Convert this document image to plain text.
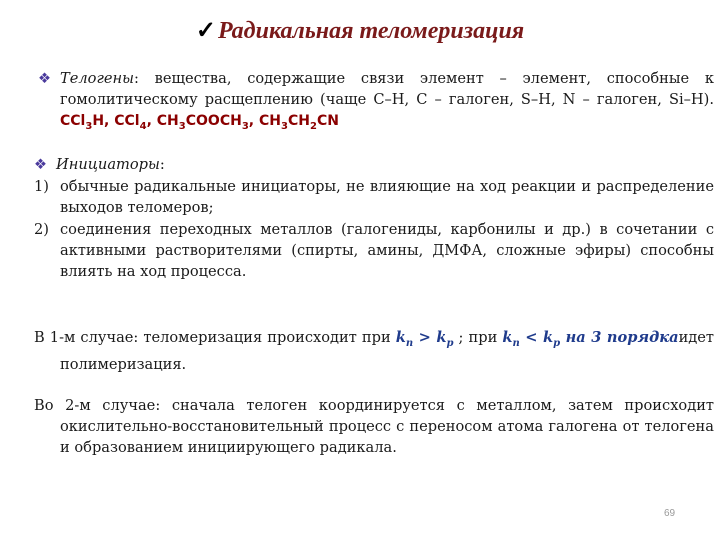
✓Радикальная теломеризация
❖ Телогены: вещества, содержащие связи элемент – элемент, способные к гомолитическому расщеплению (чаще C–H, C – галоген, S–H, N – галоген, Si–H). CCl$_3$H, CCl$_4$, $CH_3COOCH_3$, $CH_3CH_2CN$
❖ Инициаторы:
1) обычные радикальные инициаторы, не влияющие на ход реакции и распределение выходов теломеров;
2) соединения переходных металлов (галогениды, карбонилы и др.) в сочетании с активными растворителями (спирты, амины, ДМФА, сложные эфиры) способны влиять на ход процесса.
В 1-м случае: теломеризация происходит при $k_n > k_p$ ; при $k_n < k_p$ на 3 порядкаидет полимеризация.
Во 2-м случае: сначала телоген координируется с металлом, затем происходит окислительно-восстановительный процесс с переносом атома галогена от телогена и образованием инициирующего радикала.
69
